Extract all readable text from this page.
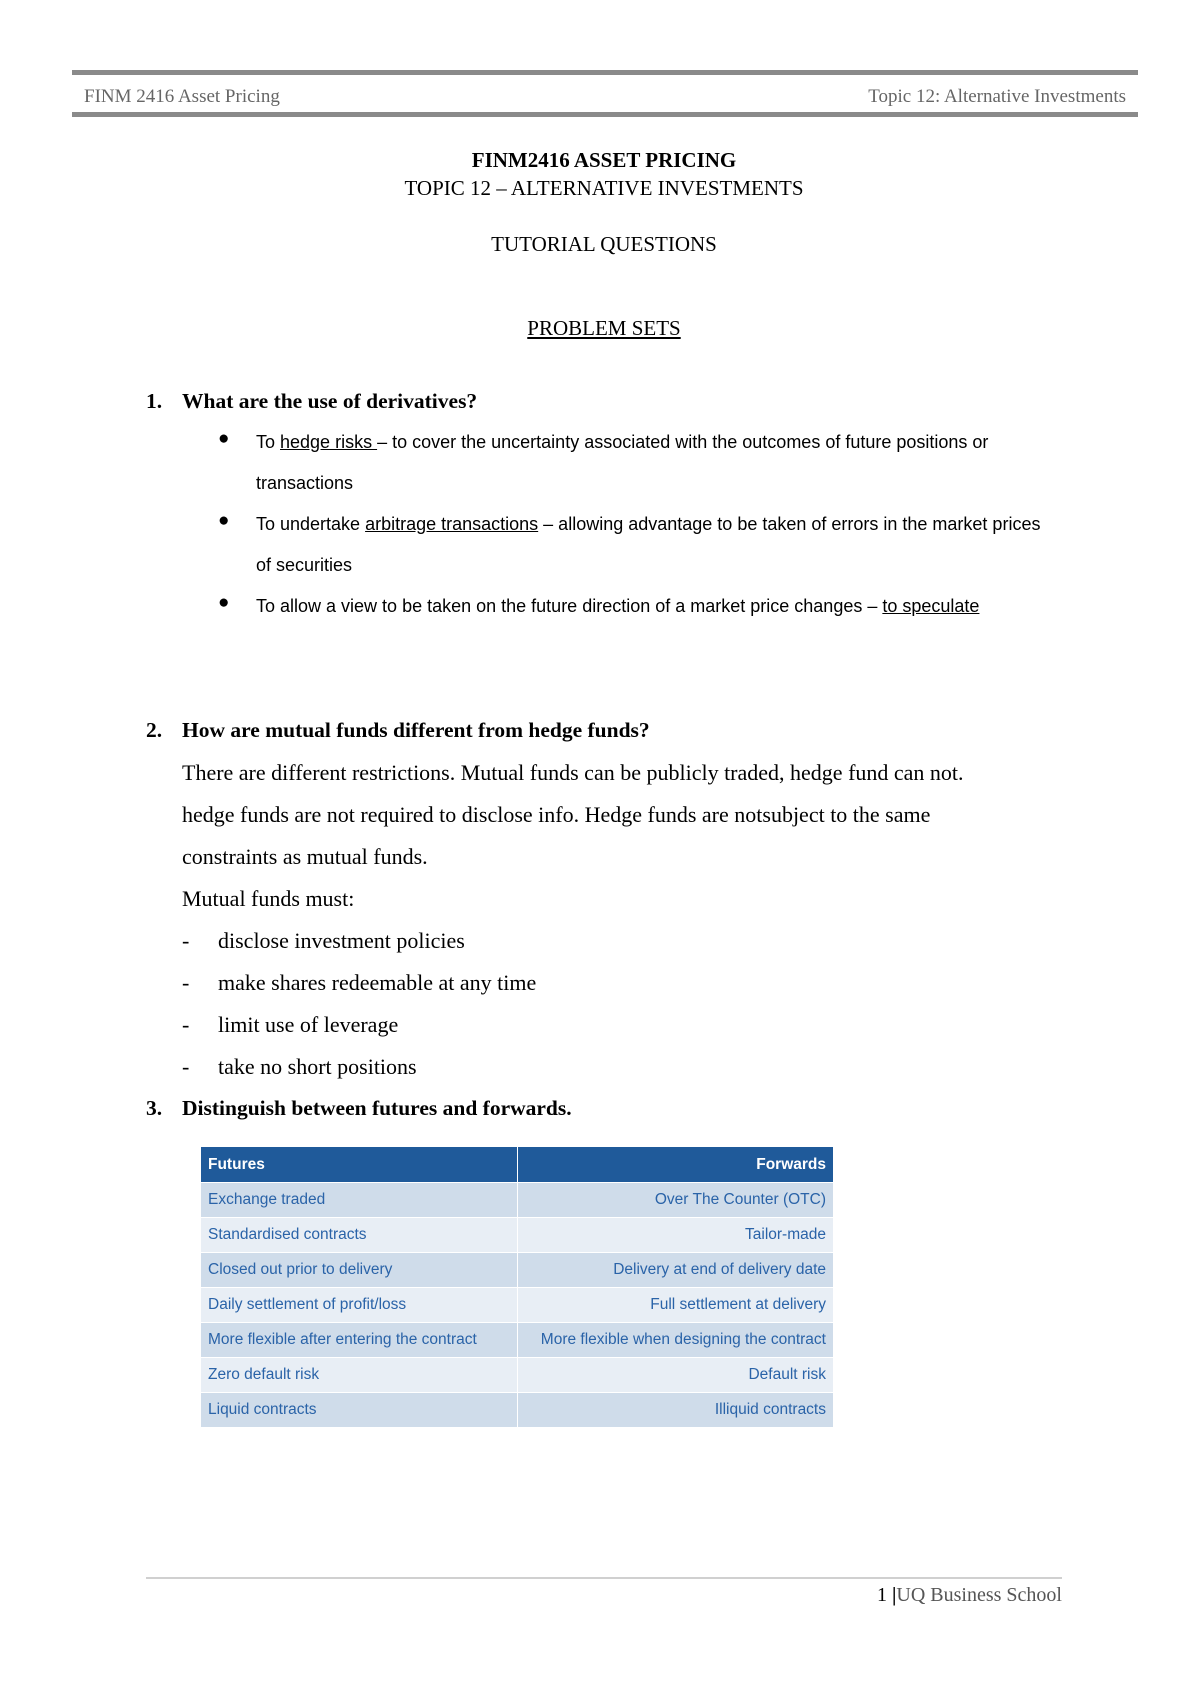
FINM 2416 Asset Pricing	Topic 12: Alternative Investments
FINM2416 ASSET PRICING
TOPIC 12 – ALTERNATIVE INVESTMENTS
TUTORIAL QUESTIONS
PROBLEM SETS
1. What are the use of derivatives?
● To hedge risks – to cover the uncertainty associated with the outcomes of future positions or transactions
● To undertake arbitrage transactions – allowing advantage to be taken of errors in the market prices of securities
● To allow a view to be taken on the future direction of a market price changes – to speculate
2. How are mutual funds different from hedge funds?
There are different restrictions. Mutual funds can be publicly traded, hedge fund can not.
hedge funds are not required to disclose info. Hedge funds are notsubject to the same
constraints as mutual funds.
Mutual funds must:
- disclose investment policies
- make shares redeemable at any time
- limit use of leverage
- take no short positions
3. Distinguish between futures and forwards.
Futures	Forwards
Exchange traded	Over The Counter (OTC)
Standardised contracts	Tailor-made
Closed out prior to delivery	Delivery at end of delivery date
Daily settlement of profit/loss	Full settlement at delivery
More flexible after entering the contract	More flexible when designing the contract
Zero default risk	Default risk
Liquid contracts	Illiquid contracts
1 |UQ Business School
